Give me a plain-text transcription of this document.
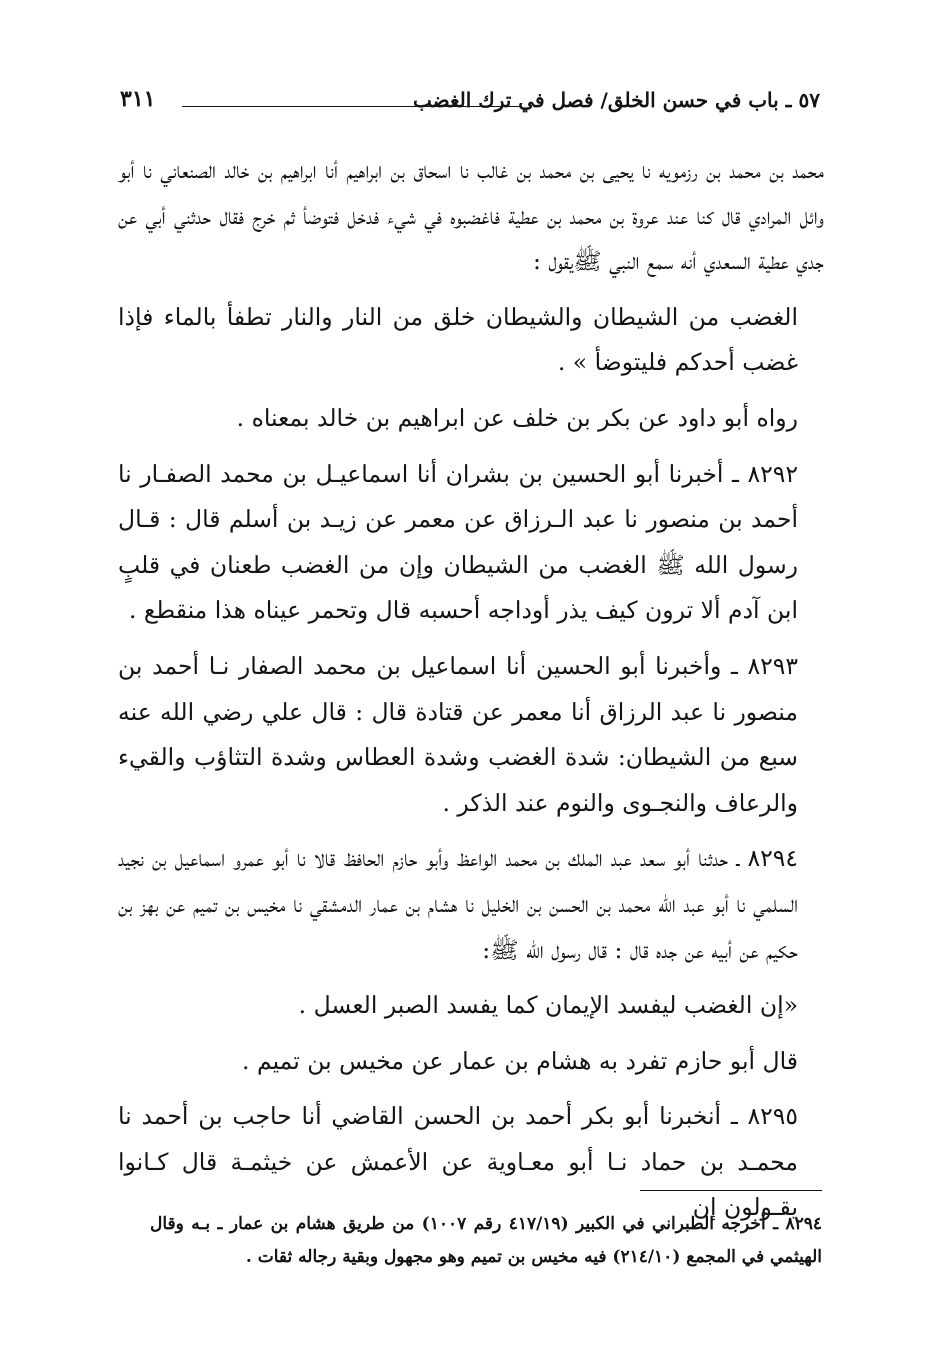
٥٧ ـ باب في حسن الخلق/ فصل في ترك الغضب
٣١١

محمد بن محمد بن رزمويه نا يحيى بن محمد بن غالب نا اسحاق بن ابراهيم أنا ابراهيم بن خالد الصنعاني نا أبو وائل المرادي قال كنا عند عروة بن محمد بن عطية فاغضبوه في شيء فدخل فتوضأ ثم خرج فقال حدثني أبي عن جدي عطية السعدي أنه سمع النبي ﷺيقول :

الغضب من الشيطان والشيطان خلق من النار والنار تطفأ بالماء فإذا غضب أحدكم فليتوضأ » .

رواه أبو داود عن بكر بن خلف عن ابراهيم بن خالد بمعناه .

٨٢٩٢ ـ أخبرنا أبو الحسين بن بشران أنا اسماعيـل بن محمد الصفـار نا أحمد بن منصور نا عبد الـرزاق عن معمر عن زيـد بن أسلم قال : قـال رسول الله ﷺ الغضب من الشيطان وإن من الغضب طعنان في قلبٍ ابن آدم ألا ترون كيف يذر أوداجه أحسبه قال وتحمر عيناه هذا منقطع .

٨٢٩٣ ـ وأخبرنا أبو الحسين أنا اسماعيل بن محمد الصفار نـا أحمد بن منصور نا عبد الرزاق أنا معمر عن قتادة قال : قال علي رضي الله عنه سبع من الشيطان: شدة الغضب وشدة العطاس وشدة التثاؤب والقيء والرعاف والنجـوى والنوم عند الذكر .

٨٢٩٤ ـ حدثنا أبو سعد عبد الملك بن محمد الواعظ وأبو حازم الحافظ قالا نا أبو عمرو اسماعيل بن نجيد السلمي نا أبو عبد الله محمد بن الحسن بن الخليل نا هشام بن عمار الدمشقي نا مخيس بن تميم عن بهز بن حكيم عن أبيه عن جده قال : قال رسول الله ﷺ:

«إن الغضب ليفسد الإيمان كما يفسد الصبر العسل .

قال أبو حازم تفرد به هشام بن عمار عن مخيس بن تميم .

٨٢٩٥ ـ أنخبرنا أبو بكر أحمد بن الحسن القاضي أنا حاجب بن أحمد نا محمـد بن حماد نـا أبو معـاوية عن الأعمش عن خيثمـة قال كـانوا يقـولون إن

٨٢٩٤ ـ أخرجه الطبراني في الكبير (٤١٧/١٩ رقم ١٠٠٧) من طريق هشام بن عمار ـ بـه وقال الهيثمي في المجمع (٢١٤/١٠) فيه مخيس بن تميم وهو مجهول وبقية رجاله ثقات .
